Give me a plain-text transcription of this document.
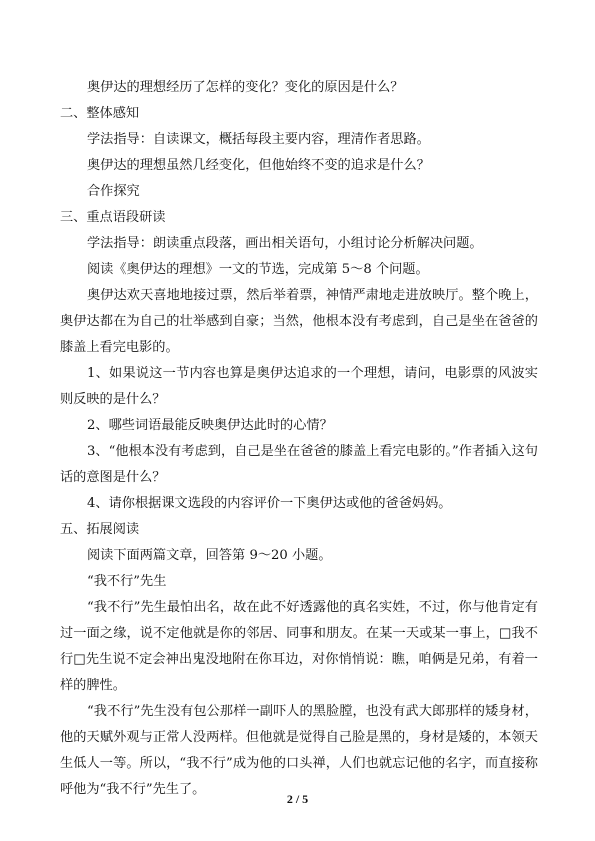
奥伊达的理想经历了怎样的变化？变化的原因是什么？
二、整体感知
学法指导：自读课文，概括每段主要内容，理清作者思路。
奥伊达的理想虽然几经变化，但他始终不变的追求是什么？
合作探究
三、重点语段研读
学法指导：朗读重点段落，画出相关语句，小组讨论分析解决问题。
阅读《奥伊达的理想》一文的节选，完成第 5～8 个问题。

奥伊达欢天喜地地接过票，然后举着票，神情严肃地走进放映厅。整个晚上，奥伊达都在为自己的壮举感到自豪；当然，他根本没有考虑到，自己是坐在爸爸的膝盖上看完电影的。

1、如果说这一节内容也算是奥伊达追求的一个理想，请问，电影票的风波实则反映的是什么？

2、哪些词语最能反映奥伊达此时的心情？

3、“他根本没有考虑到，自己是坐在爸爸的膝盖上看完电影的。”作者插入这句话的意图是什么？

4、请你根据课文选段的内容评价一下奥伊达或他的爸爸妈妈。
五、拓展阅读
阅读下面两篇文章，回答第 9～20 小题。
“我不行”先生

“我不行”先生最怕出名，故在此不好透露他的真名实姓，不过，你与他肯定有过一面之缘，说不定他就是你的邻居、同事和朋友。在某一天或某一事上，□我不行□先生说不定会神出鬼没地附在你耳边，对你悄悄说：瞧，咱俩是兄弟，有着一样的脾性。

“我不行”先生没有包公那样一副吓人的黑脸膛，也没有武大郎那样的矮身材，他的天赋外观与正常人没两样。但他就是觉得自己脸是黑的，身材是矮的，本领天生低人一等。所以，“我不行”成为他的口头禅，人们也就忘记他的名字，而直接称呼他为“我不行”先生了。

2 / 5
